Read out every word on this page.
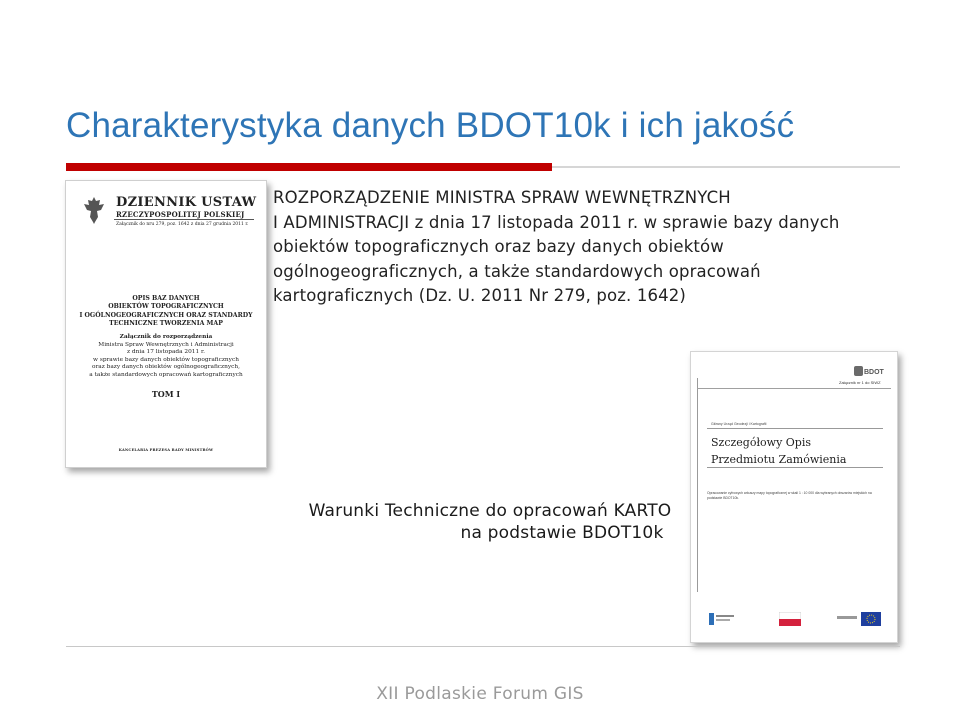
Charakterystyka danych BDOT10k i ich jakość
DZIENNIK USTAW
RZECZYPOSPOLITEJ POLSKIEJ
Załącznik do nru 279, poz. 1642 z dnia 27 grudnia 2011 r.
OPIS BAZ DANYCH
OBIEKTÓW TOPOGRAFICZNYCH
I OGÓLNOGEOGRAFICZNYCH ORAZ STANDARDY
TECHNICZNE TWORZENIA MAP
Załącznik do rozporządzenia
Ministra Spraw Wewnętrznych i Administracji
z dnia 17 listopada 2011 r.
w sprawie bazy danych obiektów topograficznych
oraz bazy danych obiektów ogólnogeograficznych,
a także standardowych opracowań kartograficznych
TOM I
KANCELARIA PREZESA RADY MINISTRÓW
ROZPORZĄDZENIE MINISTRA SPRAW WEWNĘTRZNYCH
I ADMINISTRACJI z dnia 17 listopada 2011 r. w sprawie bazy danych
obiektów topograficznych oraz bazy danych obiektów
ogólnogeograficznych, a także standardowych opracowań
kartograficznych (Dz. U. 2011 Nr 279, poz. 1642)
BDOT
Załącznik nr 1 do SIWZ
Główny Urząd Geodezji i Kartografii
Szczegółowy Opis
Przedmiotu Zamówienia
Opracowanie cyfrowych arkuszy mapy topograficznej w skali 1 : 10 000 dla wybranych obszarów miejskich na podstawie BDOT10k.
Warunki Techniczne do opracowań KARTO
na podstawie BDOT10k
XII Podlaskie Forum GIS
